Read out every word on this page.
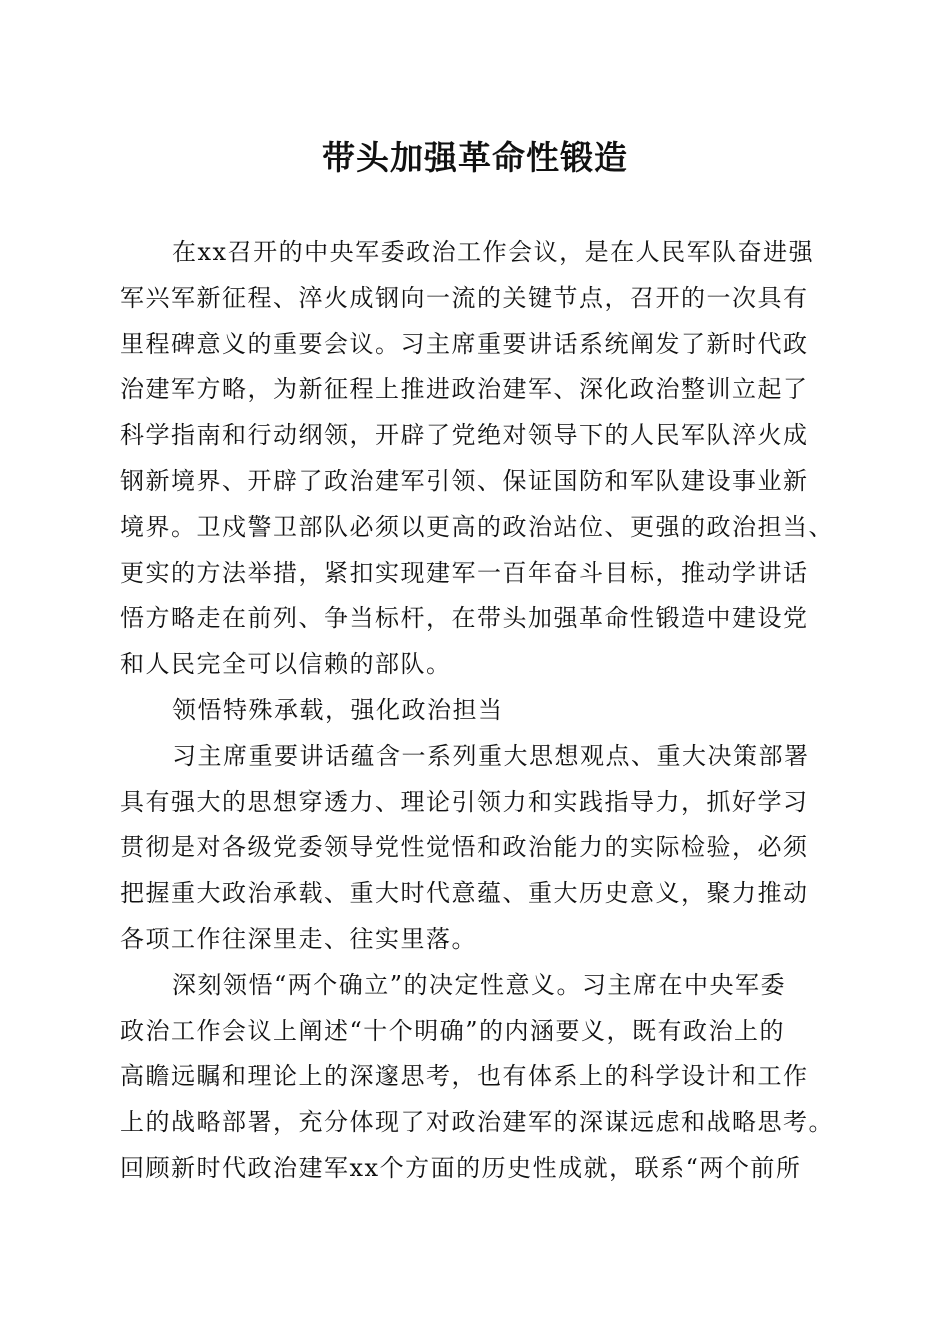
带头加强革命性锻造
在xx召开的中央军委政治工作会议，是在人民军队奋进强
军兴军新征程、淬火成钢向一流的关键节点，召开的一次具有
里程碑意义的重要会议。习主席重要讲话系统阐发了新时代政
治建军方略，为新征程上推进政治建军、深化政治整训立起了
科学指南和行动纲领，开辟了党绝对领导下的人民军队淬火成
钢新境界、开辟了政治建军引领、保证国防和军队建设事业新
境界。卫戍警卫部队必须以更高的政治站位、更强的政治担当、
更实的方法举措，紧扣实现建军一百年奋斗目标，推动学讲话
悟方略走在前列、争当标杆，在带头加强革命性锻造中建设党
和人民完全可以信赖的部队。
领悟特殊承载，强化政治担当
习主席重要讲话蕴含一系列重大思想观点、重大决策部署
具有强大的思想穿透力、理论引领力和实践指导力，抓好学习
贯彻是对各级党委领导党性觉悟和政治能力的实际检验，必须
把握重大政治承载、重大时代意蕴、重大历史意义，聚力推动
各项工作往深里走、往实里落。
深刻领悟“两个确立”的决定性意义。习主席在中央军委
政治工作会议上阐述“十个明确”的内涵要义，既有政治上的
高瞻远瞩和理论上的深邃思考，也有体系上的科学设计和工作
上的战略部署，充分体现了对政治建军的深谋远虑和战略思考。
回顾新时代政治建军xx个方面的历史性成就，联系“两个前所
